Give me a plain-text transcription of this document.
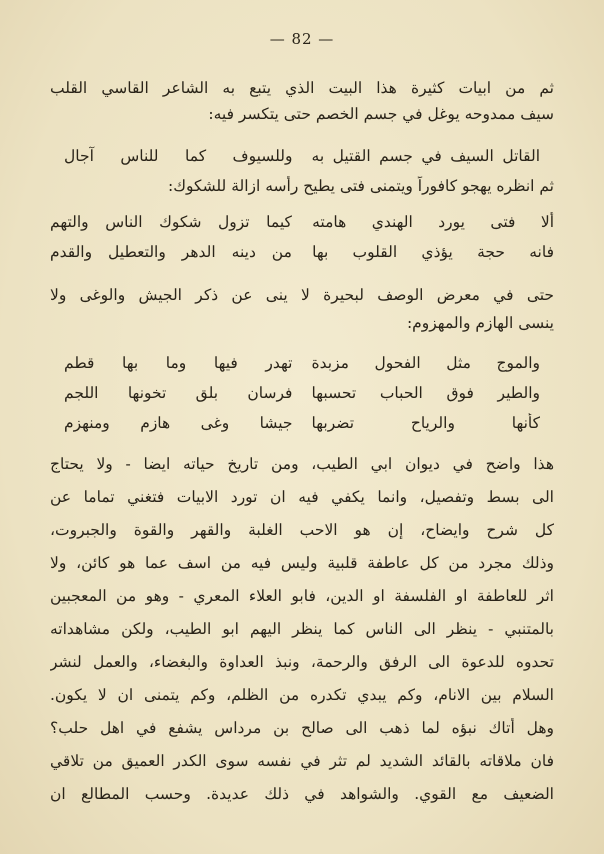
— 82 —
ثم من ابيات كثيرة هذا البيت الذي يتبع به الشاعر القاسي القلب
سيف ممدوحه يوغل في جسم الخصم حتى يتكسر فيه:
القاتل السيف في جسم القتيل به
وللسيوف كما للناس آجال
ثم انظره يهجو كافوراً ويتمنى فتى يطيح رأسه ازالة للشكوك:
ألا فتى يورد الهندي هامته
كيما تزول شكوك الناس والتهم
فانه حجة يؤذي القلوب بها
من دينه الدهر والتعطيل والقدم
حتى في معرض الوصف لبحيرة لا ينى عن ذكر الجيش والوغى ولا
ينسى الهازم والمهزوم:
والموج مثل الفحول مزبدة
تهدر فيها وما بها قطم
والطير فوق الحباب تحسبها
فرسان بلق تخونها اللجم
كأنها والرياح تضربها
جيشا وغى هازم ومنهزم
هذا واضح في ديوان ابي الطيب، ومن تاريخ حياته ايضا - ولا يحتاج
الى بسط وتفصيل، وانما يكفي فيه ان تورد الابيات فتغني تماما عن
كل شرح وايضاح، إن هو الاحب الغلبة والقهر والقوة والجبروت،
وذلك مجرد من كل عاطفة قلبية وليس فيه من اسف عما هو كائن، ولا
اثر للعاطفة او الفلسفة او الدين، فابو العلاء المعري - وهو من المعجبين
بالمتنبي - ينظر الى الناس كما ينظر اليهم ابو الطيب، ولكن مشاهداته
تحدوه للدعوة الى الرفق والرحمة، ونبذ العداوة والبغضاء، والعمل لنشر
السلام بين الانام، وكم يبدي تكدره من الظلم، وكم يتمنى ان لا يكون.
وهل أتاك نبؤه لما ذهب الى صالح بن مرداس يشفع في اهل حلب؟
فان ملاقاته بالقائد الشديد لم تثر في نفسه سوى الكدر العميق من تلاقي
الضعيف مع القوي. والشواهد في ذلك عديدة. وحسب المطالع ان
